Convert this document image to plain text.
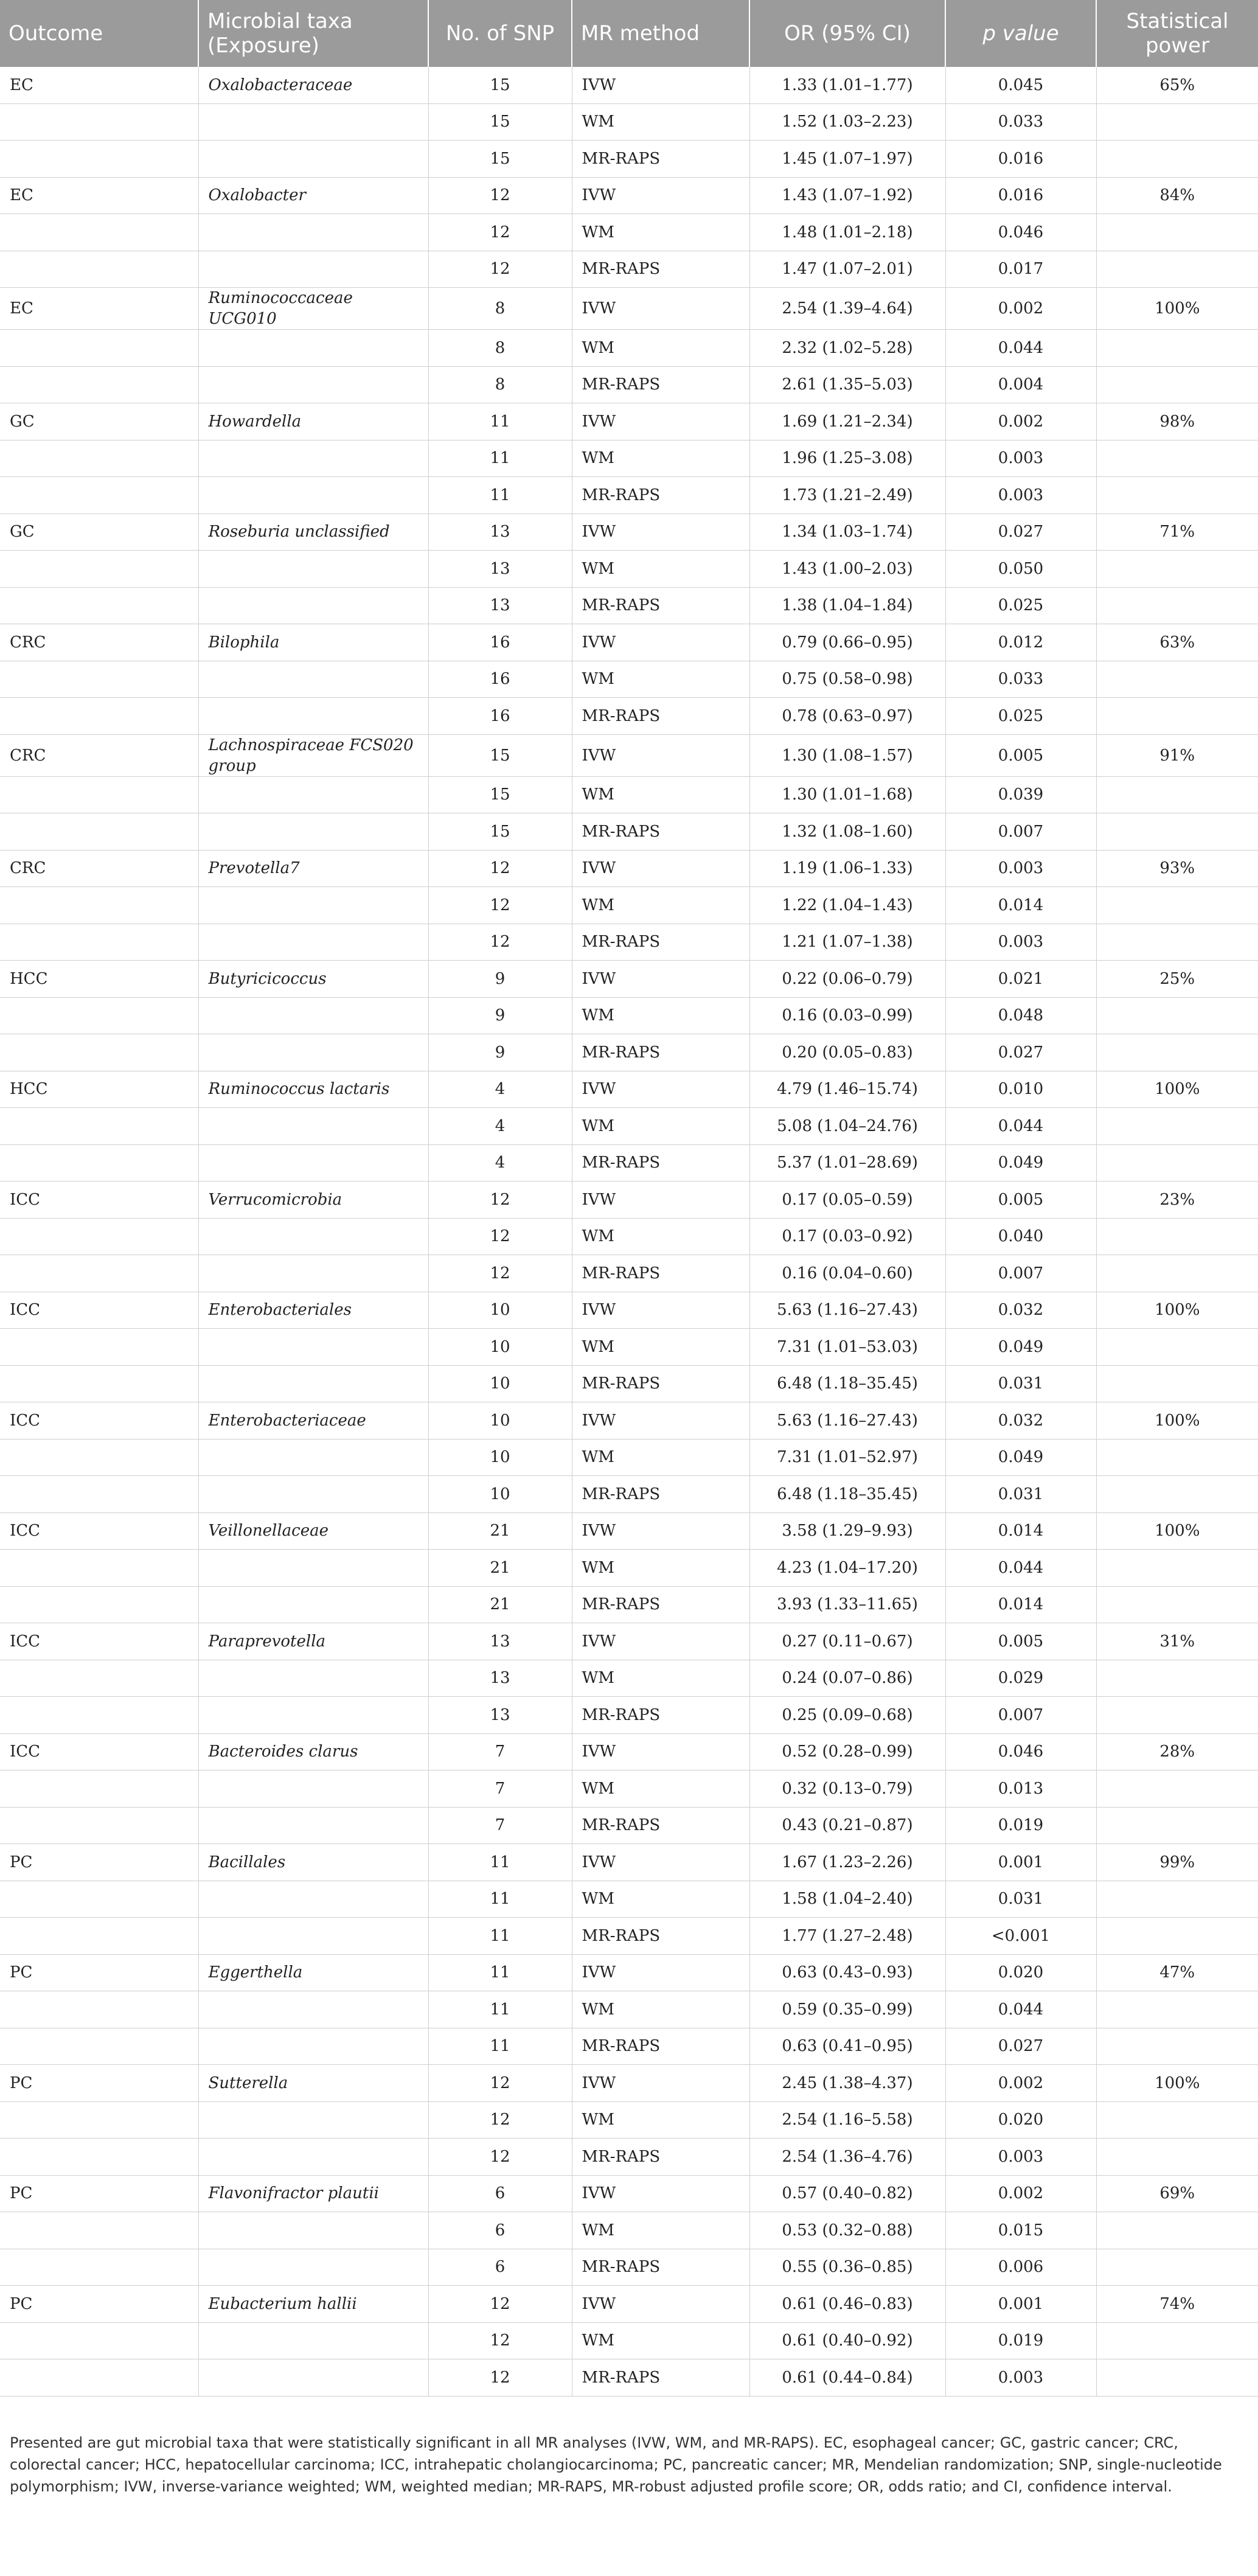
Outcome	Microbial taxa (Exposure)	No. of SNP	MR method	OR (95% CI)	p value	Statistical power
EC	Oxalobacteraceae	15	IVW	1.33 (1.01–1.77)	0.045	65%
		15	WM	1.52 (1.03–2.23)	0.033	
		15	MR-RAPS	1.45 (1.07–1.97)	0.016	
EC	Oxalobacter	12	IVW	1.43 (1.07–1.92)	0.016	84%
		12	WM	1.48 (1.01–2.18)	0.046	
		12	MR-RAPS	1.47 (1.07–2.01)	0.017	
EC	Ruminococcaceae UCG010	8	IVW	2.54 (1.39–4.64)	0.002	100%
		8	WM	2.32 (1.02–5.28)	0.044	
		8	MR-RAPS	2.61 (1.35–5.03)	0.004	
GC	Howardella	11	IVW	1.69 (1.21–2.34)	0.002	98%
		11	WM	1.96 (1.25–3.08)	0.003	
		11	MR-RAPS	1.73 (1.21–2.49)	0.003	
GC	Roseburia unclassified	13	IVW	1.34 (1.03–1.74)	0.027	71%
		13	WM	1.43 (1.00–2.03)	0.050	
		13	MR-RAPS	1.38 (1.04–1.84)	0.025	
CRC	Bilophila	16	IVW	0.79 (0.66–0.95)	0.012	63%
		16	WM	0.75 (0.58–0.98)	0.033	
		16	MR-RAPS	0.78 (0.63–0.97)	0.025	
CRC	Lachnospiraceae FCS020 group	15	IVW	1.30 (1.08–1.57)	0.005	91%
		15	WM	1.30 (1.01–1.68)	0.039	
		15	MR-RAPS	1.32 (1.08–1.60)	0.007	
CRC	Prevotella7	12	IVW	1.19 (1.06–1.33)	0.003	93%
		12	WM	1.22 (1.04–1.43)	0.014	
		12	MR-RAPS	1.21 (1.07–1.38)	0.003	
HCC	Butyricicoccus	9	IVW	0.22 (0.06–0.79)	0.021	25%
		9	WM	0.16 (0.03–0.99)	0.048	
		9	MR-RAPS	0.20 (0.05–0.83)	0.027	
HCC	Ruminococcus lactaris	4	IVW	4.79 (1.46–15.74)	0.010	100%
		4	WM	5.08 (1.04–24.76)	0.044	
		4	MR-RAPS	5.37 (1.01–28.69)	0.049	
ICC	Verrucomicrobia	12	IVW	0.17 (0.05–0.59)	0.005	23%
		12	WM	0.17 (0.03–0.92)	0.040	
		12	MR-RAPS	0.16 (0.04–0.60)	0.007	
ICC	Enterobacteriales	10	IVW	5.63 (1.16–27.43)	0.032	100%
		10	WM	7.31 (1.01–53.03)	0.049	
		10	MR-RAPS	6.48 (1.18–35.45)	0.031	
ICC	Enterobacteriaceae	10	IVW	5.63 (1.16–27.43)	0.032	100%
		10	WM	7.31 (1.01–52.97)	0.049	
		10	MR-RAPS	6.48 (1.18–35.45)	0.031	
ICC	Veillonellaceae	21	IVW	3.58 (1.29–9.93)	0.014	100%
		21	WM	4.23 (1.04–17.20)	0.044	
		21	MR-RAPS	3.93 (1.33–11.65)	0.014	
ICC	Paraprevotella	13	IVW	0.27 (0.11–0.67)	0.005	31%
		13	WM	0.24 (0.07–0.86)	0.029	
		13	MR-RAPS	0.25 (0.09–0.68)	0.007	
ICC	Bacteroides clarus	7	IVW	0.52 (0.28–0.99)	0.046	28%
		7	WM	0.32 (0.13–0.79)	0.013	
		7	MR-RAPS	0.43 (0.21–0.87)	0.019	
PC	Bacillales	11	IVW	1.67 (1.23–2.26)	0.001	99%
		11	WM	1.58 (1.04–2.40)	0.031	
		11	MR-RAPS	1.77 (1.27–2.48)	<0.001	
PC	Eggerthella	11	IVW	0.63 (0.43–0.93)	0.020	47%
		11	WM	0.59 (0.35–0.99)	0.044	
		11	MR-RAPS	0.63 (0.41–0.95)	0.027	
PC	Sutterella	12	IVW	2.45 (1.38–4.37)	0.002	100%
		12	WM	2.54 (1.16–5.58)	0.020	
		12	MR-RAPS	2.54 (1.36–4.76)	0.003	
PC	Flavonifractor plautii	6	IVW	0.57 (0.40–0.82)	0.002	69%
		6	WM	0.53 (0.32–0.88)	0.015	
		6	MR-RAPS	0.55 (0.36–0.85)	0.006	
PC	Eubacterium hallii	12	IVW	0.61 (0.46–0.83)	0.001	74%
		12	WM	0.61 (0.40–0.92)	0.019	
		12	MR-RAPS	0.61 (0.44–0.84)	0.003	

Presented are gut microbial taxa that were statistically significant in all MR analyses (IVW, WM, and MR-RAPS). EC, esophageal cancer; GC, gastric cancer; CRC, colorectal cancer; HCC, hepatocellular carcinoma; ICC, intrahepatic cholangiocarcinoma; PC, pancreatic cancer; MR, Mendelian randomization; SNP, single-nucleotide polymorphism; IVW, inverse-variance weighted; WM, weighted median; MR-RAPS, MR-robust adjusted profile score; OR, odds ratio; and CI, confidence interval.
